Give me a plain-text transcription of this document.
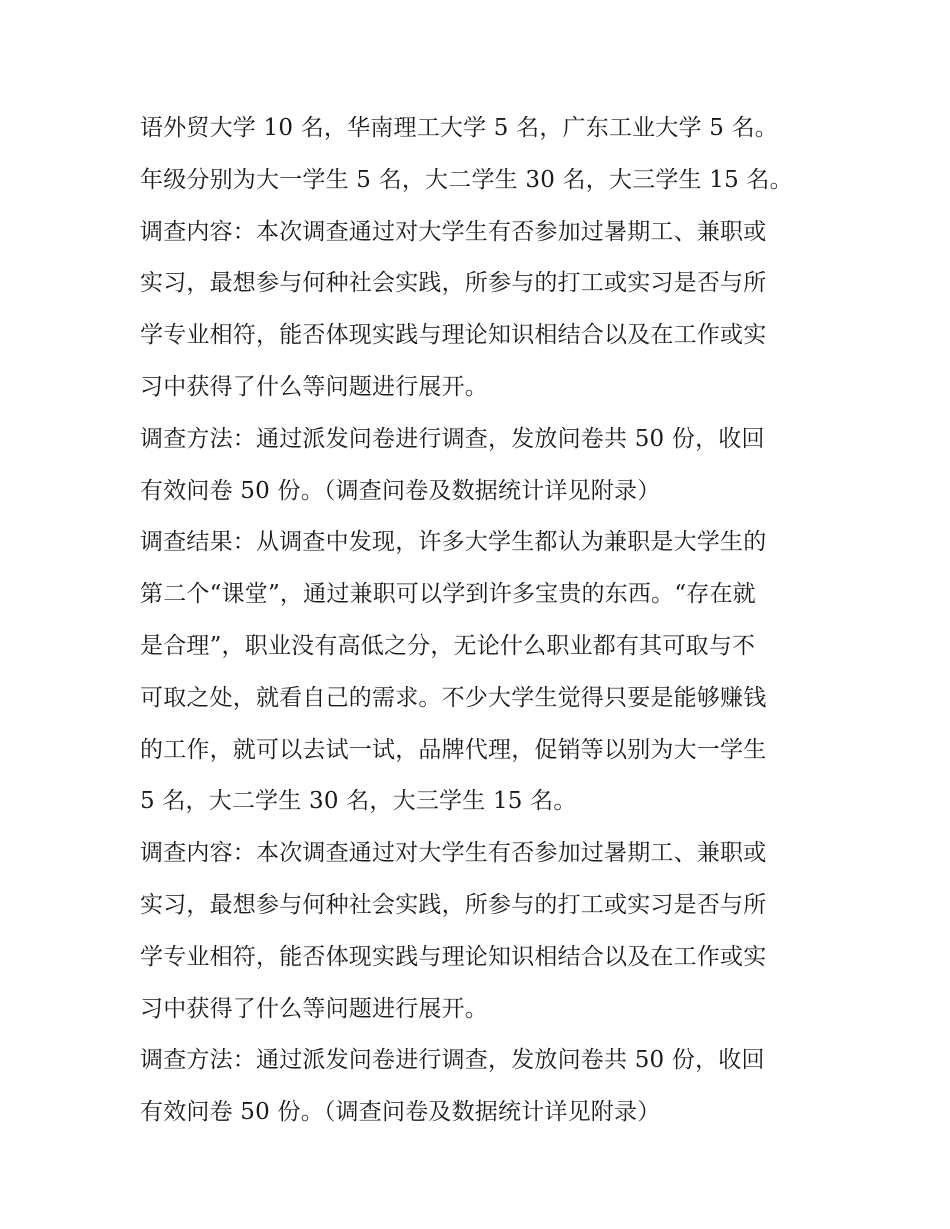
语外贸大学 10 名，华南理工大学 5 名，广东工业大学 5 名。
年级分别为大一学生 5 名，大二学生 30 名，大三学生 15 名。
调查内容：本次调查通过对大学生有否参加过暑期工、兼职或
实习，最想参与何种社会实践，所参与的打工或实习是否与所
学专业相符，能否体现实践与理论知识相结合以及在工作或实
习中获得了什么等问题进行展开。
调查方法：通过派发问卷进行调查，发放问卷共 50 份，收回
有效问卷 50 份。（调查问卷及数据统计详见附录）
调查结果：从调查中发现，许多大学生都认为兼职是大学生的
第二个“课堂”，通过兼职可以学到许多宝贵的东西。“存在就
是合理”，职业没有高低之分，无论什么职业都有其可取与不
可取之处，就看自己的需求。不少大学生觉得只要是能够赚钱
的工作，就可以去试一试，品牌代理，促销等以别为大一学生
5 名，大二学生 30 名，大三学生 15 名。
调查内容：本次调查通过对大学生有否参加过暑期工、兼职或
实习，最想参与何种社会实践，所参与的打工或实习是否与所
学专业相符，能否体现实践与理论知识相结合以及在工作或实
习中获得了什么等问题进行展开。
调查方法：通过派发问卷进行调查，发放问卷共 50 份，收回
有效问卷 50 份。（调查问卷及数据统计详见附录）
